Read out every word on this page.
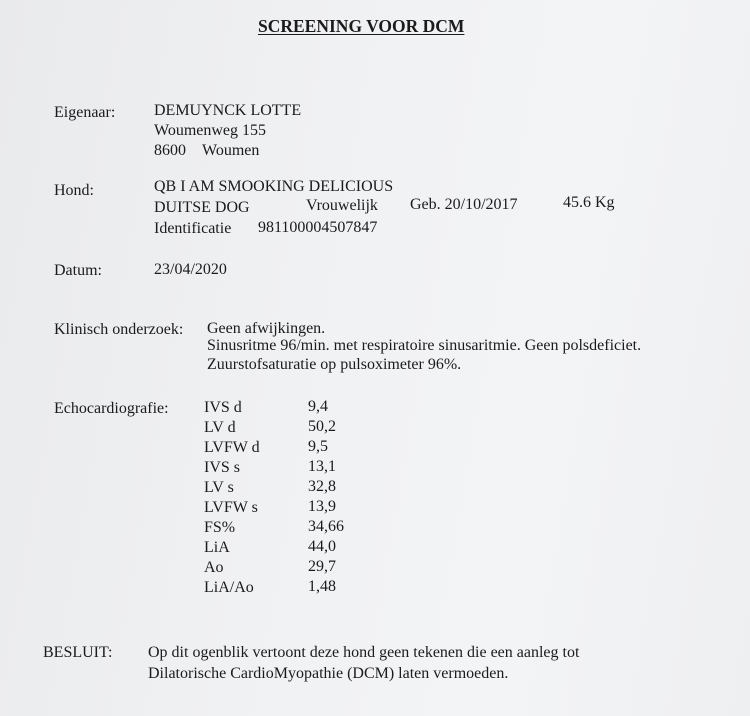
SCREENING VOOR DCM
Eigenaar: DEMUYNCK LOTTE
Woumenweg 155
8600 Woumen
Hond:	QB I AM SMOOKING DELICIOUS
DUITSE DOG	Vrouwelijk Geb. 20/10/2017	45.6 Kg
Identificatie 981100004507847
Datum:	23/04/2020
Klinisch onderzoek: Geen afwijkingen.
Sinusritme 96/min. met respiratoire sinusaritmie. Geen polsdeficiet.
Zuurstofsaturatie op pulsoximeter 96%.
Echocardiografie: IVS d	9,4
LV d	50,2
LVFW d	9,5
IVS s	13,1
LV s	32,8
LVFW s	13,9
FS%	34,66
LiA	44,0
Ao	29,7
LiA/Ao	1,48
BESLUIT: Op dit ogenblik vertoont deze hond geen tekenen die een aanleg tot
Dilatorische CardioMyopathie (DCM) laten vermoeden.
